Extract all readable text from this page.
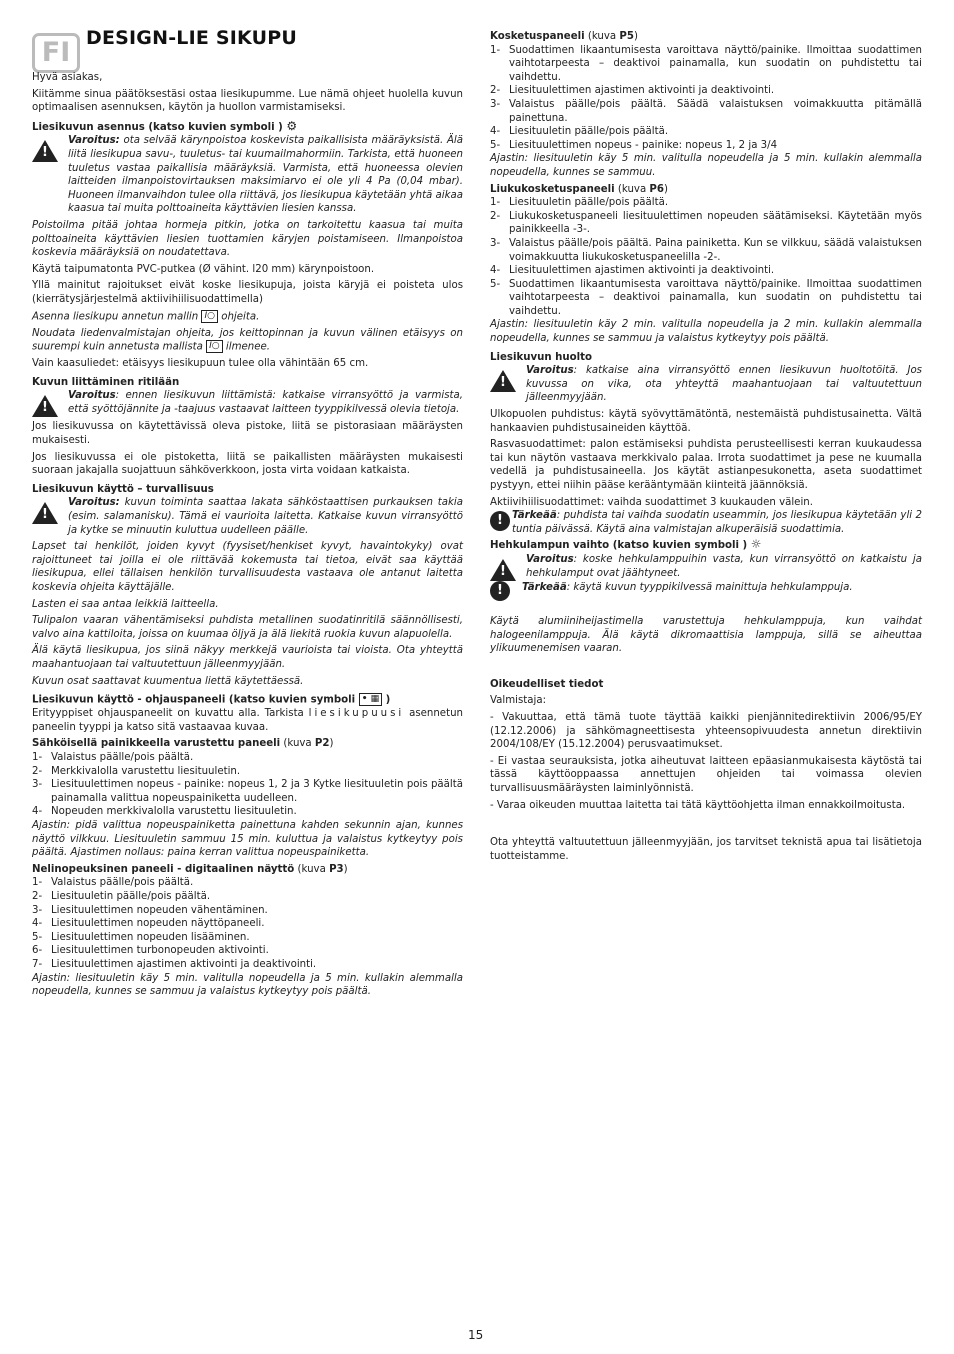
FI DESIGN-LIE SIKUPU

Hyvä asiakas,

Kiitämme sinua päätöksestäsi ostaa liesikupumme. Lue nämä ohjeet huolella kuvun optimaalisen asennuksen, käytön ja huollon varmistamiseksi.

Liesikuvun asennus (katso kuvien symboli ) ⚙

!

Varoitus: ota selvää kärynpoistoa koskevista paikallisista määräyksistä. Älä liitä liesikupua savu-, tuuletus- tai kuumailmahormiin. Tarkista, että huoneen tuuletus vastaa paikallisia määräyksiä. Varmista, että huoneessa olevien laitteiden ilmanpoistovirtauksen maksimiarvo ei ole yli 4 Pa (0,04 mbar). Huoneen ilmanvaihdon tulee olla riittävä, jos liesikupua käytetään yhtä aikaa kaasua tai muita polttoaineita käyttävien liesien kanssa.

Poistoilma pitää johtaa hormeja pitkin, jotka on tarkoitettu kaasua tai muita polttoaineita käyttävien liesien tuottamien käryjen poistamiseen. Ilmanpoistoa koskevia määräyksiä on noudatettava.

Käytä taipumatonta PVC-putkea (Ø vähint. l20 mm) kärynpoistoon.

Yllä mainitut rajoitukset eivät koske liesikupuja, joista käryjä ei poisteta ulos (kierrätysjärjestelmä aktiivihiilisuodattimella)

Asenna liesikupu annetun mallin I○ ohjeita.

Noudata liedenvalmistajan ohjeita, jos keittopinnan ja kuvun välinen etäisyys on suurempi kuin annetusta mallista I○ ilmenee.

Vain kaasuliedet: etäisyys liesikupuun tulee olla vähintään 65 cm.

Kuvun liittäminen ritilään

!

Varoitus: ennen liesikuvun liittämistä: katkaise virransyöttö ja varmista, että syöttöjännite ja -taajuus vastaavat laitteen tyyppikilvessä olevia tietoja.

Jos liesikuvussa on käytettävissä oleva pistoke, liitä se pistorasiaan määräysten mukaisesti.

Jos liesikuvussa ei ole pistoketta, liitä se paikallisten määräysten mukaisesti suoraan jakajalla suojattuun sähköverkkoon, josta virta voidaan katkaista.

Liesikuvun käyttö – turvallisuus

!

Varoitus: kuvun toiminta saattaa lakata sähköstaattisen purkauksen takia (esim. salamanisku). Tämä ei vaurioita laitetta. Katkaise kuvun virransyöttö ja kytke se minuutin kuluttua uudelleen päälle.

Lapset tai henkilöt, joiden kyvyt (fyysiset/henkiset kyvyt, havaintokyky) ovat rajoittuneet tai joilla ei ole riittävää kokemusta tai tietoa, eivät saa käyttää liesikupua, ellei tällaisen henkilön turvallisuudesta vastaava ole antanut laitetta koskevia ohjeita käyttäjälle.

Lasten ei saa antaa leikkiä laitteella.

Tulipalon vaaran vähentämiseksi puhdista metallinen suodatinritilä säännöllisesti, valvo aina kattiloita, joissa on kuumaa öljyä ja älä liekitä ruokia kuvun alapuolella.

Älä käytä liesikupua, jos siinä näkyy merkkejä vaurioista tai vioista. Ota yhteyttä maahantuojaan tai valtuutettuun jälleenmyyjään.

Kuvun osat saattavat kuumentua liettä käytettäessä.

Liesikuvun käyttö - ohjauspaneeli (katso kuvien symboli • ▦ )

Erityyppiset ohjauspaneelit on kuvattu alla. Tarkista liesikupuusi asennetun paneelin tyyppi ja katso sitä vastaavaa kuvaa.

Sähköisellä painikkeella varustettu paneeli (kuva P2)

1- Valaistus päälle/pois päältä.
2- Merkkivalolla varustettu liesituuletin.
3- Liesituulettimen nopeus - painike: nopeus 1, 2 ja 3 Kytke liesituuletin pois päältä painamalla valittua nopeuspainiketta uudelleen.
4- Nopeuden merkkivalolla varustettu liesituuletin.

Ajastin: pidä valittua nopeuspainiketta painettuna kahden sekunnin ajan, kunnes näyttö vilkkuu. Liesituuletin sammuu 15 min. kuluttua ja valaistus kytkeytyy pois päältä. Ajastimen nollaus: paina kerran valittua nopeuspainiketta.

Nelinopeuksinen paneeli - digitaalinen näyttö (kuva P3)

1- Valaistus päälle/pois päältä.
2- Liesituuletin päälle/pois päältä.
3- Liesituulettimen nopeuden vähentäminen.
4- Liesituulettimen nopeuden näyttöpaneeli.
5- Liesituulettimen nopeuden lisääminen.
6- Liesituulettimen turbonopeuden aktivointi.
7- Liesituulettimen ajastimen aktivointi ja deaktivointi.

Ajastin: liesituuletin käy 5 min. valitulla nopeudella ja 5 min. kullakin alemmalla nopeudella, kunnes se sammuu ja valaistus kytkeytyy pois päältä.

Kosketuspaneeli (kuva P5)

1- Suodattimen likaantumisesta varoittava näyttö/painike. Ilmoittaa suodattimen vaihtotarpeesta – deaktivoi painamalla, kun suodatin on puhdistettu tai vaihdettu.
2- Liesituulettimen ajastimen aktivointi ja deaktivointi.
3- Valaistus päälle/pois päältä. Säädä valaistuksen voimakkuutta pitämällä painettuna.
4- Liesituuletin päälle/pois päältä.
5- Liesituulettimen nopeus - painike: nopeus 1, 2 ja 3/4

Ajastin: liesituuletin käy 5 min. valitulla nopeudella ja 5 min. kullakin alemmalla nopeudella, kunnes se sammuu.

Liukukosketuspaneeli (kuva P6)

1- Liesituuletin päälle/pois päältä.
2- Liukukosketuspaneeli liesituulettimen nopeuden säätämiseksi. Käytetään myös painikkeella -3-.
3- Valaistus päälle/pois päältä. Paina painiketta. Kun se vilkkuu, säädä valaistuksen voimakkuutta liukukosketuspaneelilla -2-.
4- Liesituulettimen ajastimen aktivointi ja deaktivointi.
5- Suodattimen likaantumisesta varoittava näyttö/painike. Ilmoittaa suodattimen vaihtotarpeesta – deaktivoi painamalla, kun suodatin on puhdistettu tai vaihdettu.

Ajastin: liesituuletin käy 2 min. valitulla nopeudella ja 2 min. kullakin alemmalla nopeudella, kunnes se sammuu ja valaistus kytkeytyy pois päältä.

Liesikuvun huolto

!

Varoitus: katkaise aina virransyöttö ennen liesikuvun huoltotöitä. Jos kuvussa on vika, ota yhteyttä maahantuojaan tai valtuutettuun jälleenmyyjään.

Ulkopuolen puhdistus: käytä syövyttämätöntä, nestemäistä puhdistusainetta. Vältä hankaavien puhdistusaineiden käyttöä.

Rasvasuodattimet: palon estämiseksi puhdista perusteellisesti kerran kuukaudessa tai kun näytön vastaava merkkivalo palaa. Irrota suodattimet ja pese ne kuumalla vedellä ja puhdistusaineella. Jos käytät astianpesukonetta, aseta suodattimet pystyyn, ettei niihin pääse kerääntymään kiinteitä jäännöksiä.

Aktiivihiilisuodattimet: vaihda suodattimet 3 kuukauden välein.

! Tärkeää: puhdista tai vaihda suodatin useammin, jos liesikupua käytetään yli 2 tuntia päivässä. Käytä aina valmistajan alkuperäisiä suodattimia.

Hehkulampun vaihto (katso kuvien symboli ) ☼

!

Varoitus: koske hehkulamppuihin vasta, kun virransyöttö on katkaistu ja hehkulamput ovat jäähtyneet.

!	Tärkeää: käytä kuvun tyyppikilvessä mainittuja hehkulamppuja.

Käytä alumiiniheijastimella varustettuja hehkulamppuja, kun vaihdat halogeenilamppuja. Älä käytä dikromaattisia lamppuja, sillä se aiheuttaa ylikuumenemisen vaaran.

Oikeudelliset tiedot

Valmistaja:

- Vakuuttaa, että tämä tuote täyttää kaikki pienjännitedirektiivin 2006/95/EY (12.12.2006) ja sähkömagneettisesta yhteensopivuudesta annetun direktiivin 2004/108/EY (15.12.2004) perusvaatimukset.

- Ei vastaa seurauksista, jotka aiheutuvat laitteen epäasianmukaisesta käytöstä tai tässä käyttöoppaassa annettujen ohjeiden tai voimassa olevien turvallisuusmääräysten laiminlyönnistä.

- Varaa oikeuden muuttaa laitetta tai tätä käyttöohjetta ilman ennakkoilmoitusta.

Ota yhteyttä valtuutettuun jälleenmyyjään, jos tarvitset teknistä apua tai lisätietoja tuotteistamme.

15
